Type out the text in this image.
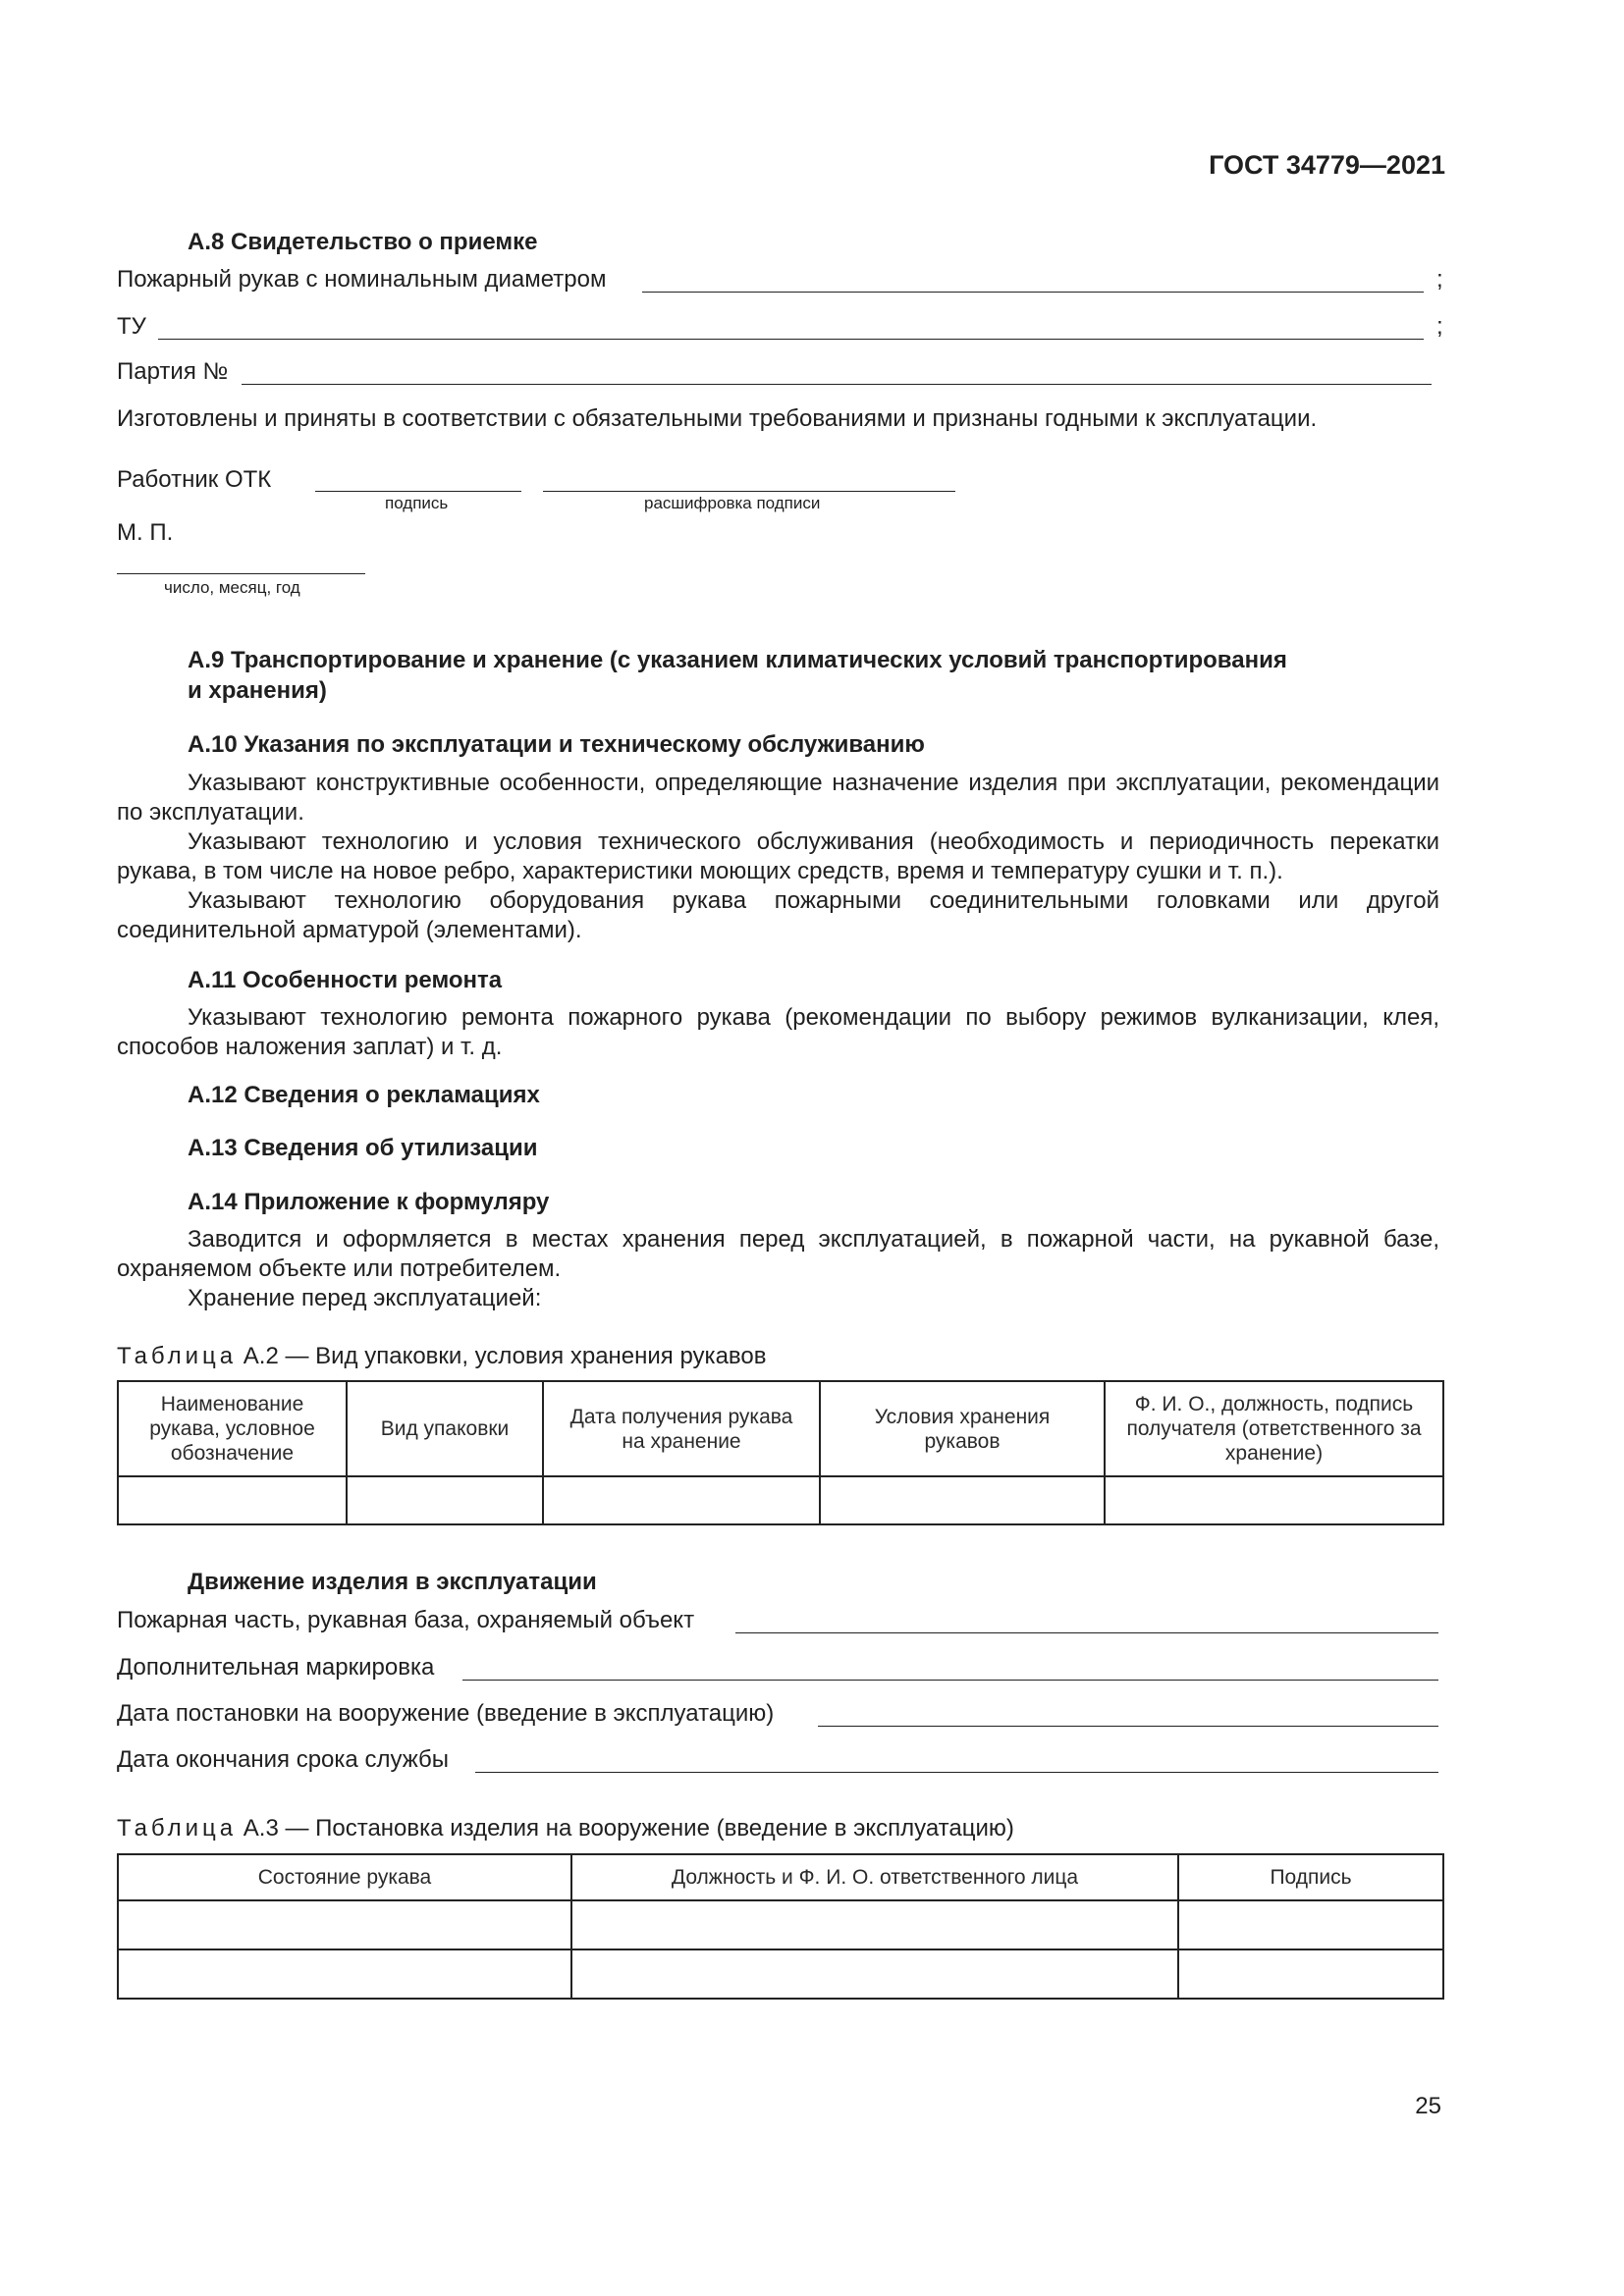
ГОСТ 34779—2021
А.8 Свидетельство о приемке
Пожарный рукав с номинальным диаметром	;
ТУ	;
Партия №
Изготовлены и приняты в соответствии с обязательными требованиями и признаны годными к эксплуатации.
Работник ОТК
подпись	расшифровка подписи
М. П.
число, месяц, год
А.9 Транспортирование и хранение (с указанием климатических условий транспортирования
и хранения)
А.10 Указания по эксплуатации и техническому обслуживанию

Указывают конструктивные особенности, определяющие назначение изделия при эксплуатации, рекомендации по эксплуатации.

Указывают технологию и условия технического обслуживания (необходимость и периодичность перекатки рукава, в том числе на новое ребро, характеристики моющих средств, время и температуру сушки и т. п.).

Указывают технологию оборудования рукава пожарными соединительными головками или другой соединительной арматурой (элементами).

А.11 Особенности ремонта

Указывают технологию ремонта пожарного рукава (рекомендации по выбору режимов вулканизации, клея, способов наложения заплат) и т. д.

А.12 Сведения о рекламациях
А.13 Сведения об утилизации
А.14 Приложение к формуляру

Заводится и оформляется в местах хранения перед эксплуатацией, в пожарной части, на рукавной базе, охраняемом объекте или потребителем.

Хранение перед эксплуатацией:

Таблица А.2 — Вид упаковки, условия хранения рукавов
Наименование рукава, условное обозначение	Вид упаковки	Дата получения рукава на хранение	Условия хранения рукавов	Ф. И. О., должность, подпись получателя (ответственного за хранение)

Движение изделия в эксплуатации
Пожарная часть, рукавная база, охраняемый объект
Дополнительная маркировка
Дата постановки на вооружение (введение в эксплуатацию)
Дата окончания срока службы
Таблица А.3 — Постановка изделия на вооружение (введение в эксплуатацию)
Состояние рукава	Должность и Ф. И. О. ответственного лица	Подпись

25
